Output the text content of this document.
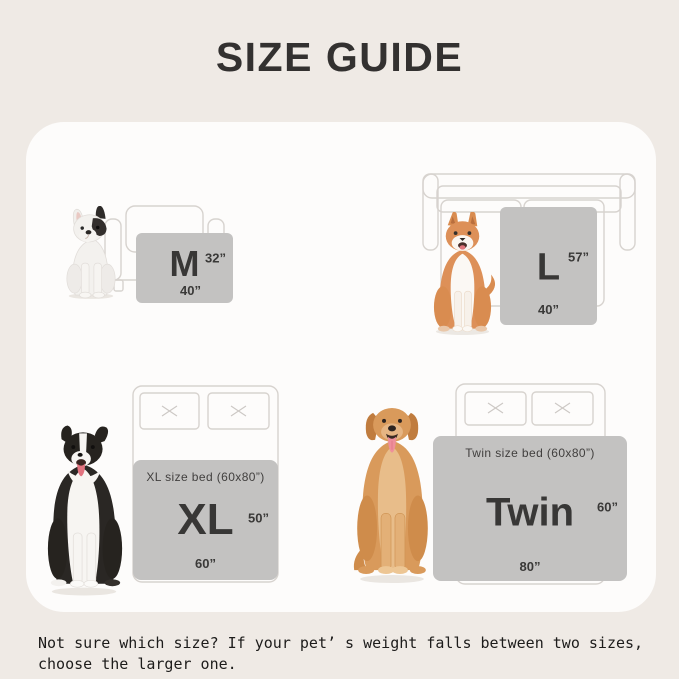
SIZE GUIDE
M 32”
40”
L 57”
40”
XL size bed (60x80”)
XL 50”
60”
Twin size bed (60x80”)
Twin 60”
80”
Not sure which size? If your pet’ s weight falls between two sizes,
choose the larger one.
